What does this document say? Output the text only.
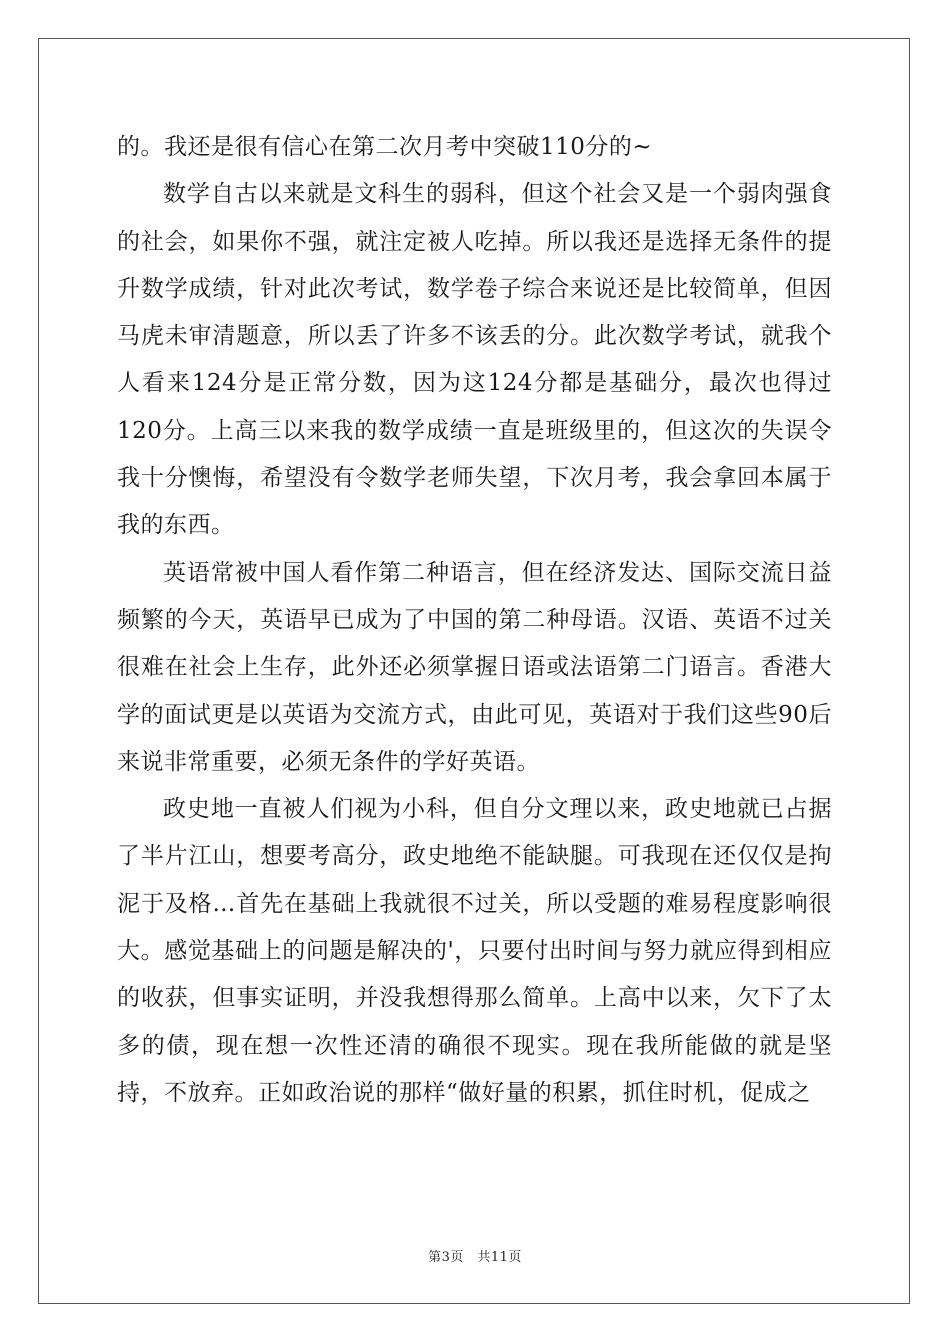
的。我还是很有信心在第二次月考中突破110分的~

数学自古以来就是文科生的弱科，但这个社会又是一个弱肉强食的社会，如果你不强，就注定被人吃掉。所以我还是选择无条件的提升数学成绩，针对此次考试，数学卷子综合来说还是比较简单，但因马虎未审清题意，所以丢了许多不该丢的分。此次数学考试，就我个人看来124分是正常分数，因为这124分都是基础分，最次也得过120分。上高三以来我的数学成绩一直是班级里的，但这次的失误令我十分懊悔，希望没有令数学老师失望，下次月考，我会拿回本属于我的东西。

英语常被中国人看作第二种语言，但在经济发达、国际交流日益频繁的今天，英语早已成为了中国的第二种母语。汉语、英语不过关很难在社会上生存，此外还必须掌握日语或法语第二门语言。香港大学的面试更是以英语为交流方式，由此可见，英语对于我们这些90后来说非常重要，必须无条件的学好英语。

政史地一直被人们视为小科，但自分文理以来，政史地就已占据了半片江山，想要考高分，政史地绝不能缺腿。可我现在还仅仅是拘泥于及格…首先在基础上我就很不过关，所以受题的难易程度影响很大。感觉基础上的问题是解决的'，只要付出时间与努力就应得到相应的收获，但事实证明，并没我想得那么简单。上高中以来，欠下了太多的债，现在想一次性还清的确很不现实。现在我所能做的就是坚持，不放弃。正如政治说的那样“做好量的积累，抓住时机，促成之

第3页　共11页
